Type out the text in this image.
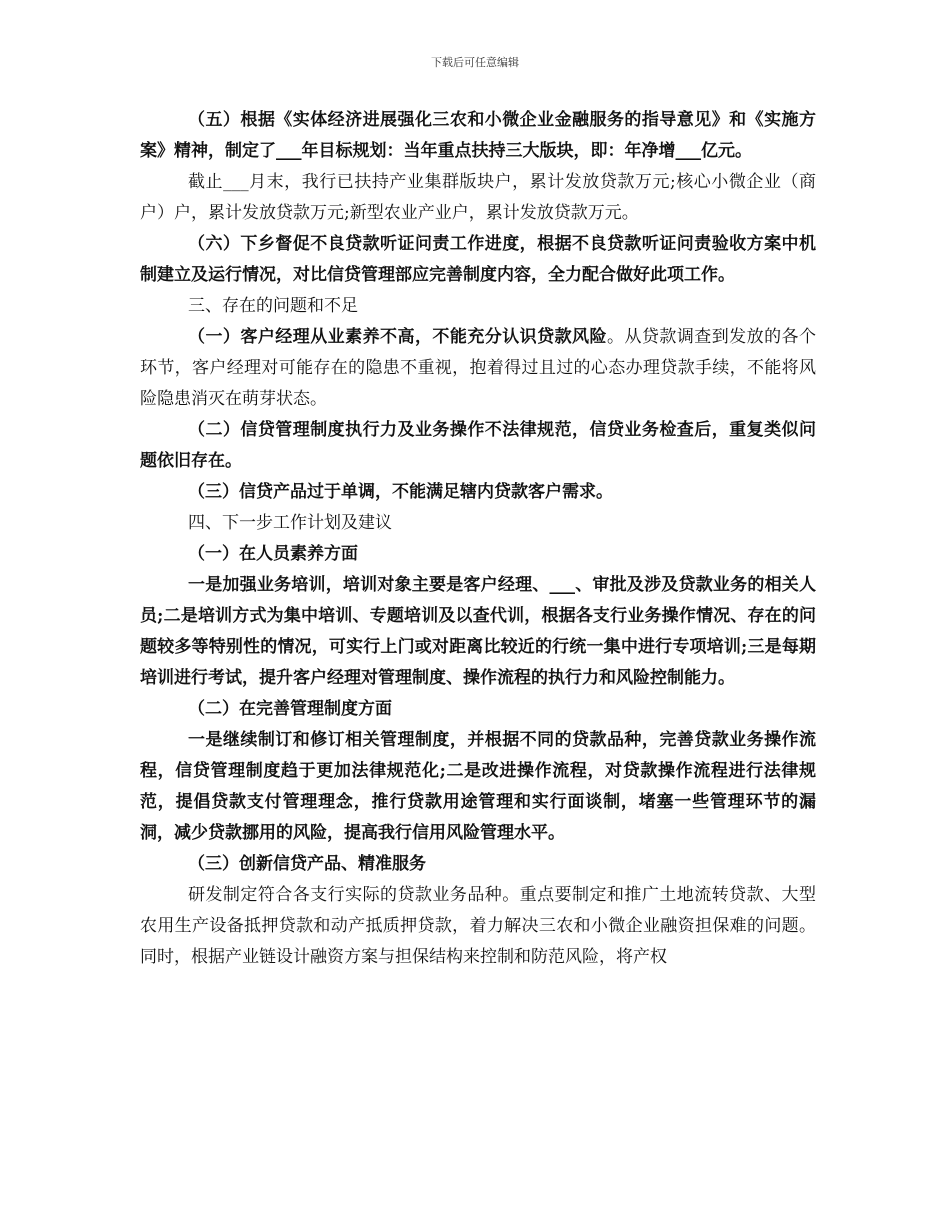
下载后可任意编辑

（五）根据《实体经济进展强化三农和小微企业金融服务的指导意见》和《实施方案》精神，制定了___年目标规划：当年重点扶持三大版块，即：年净增___亿元。

截止___月末，我行已扶持产业集群版块户，累计发放贷款万元;核心小微企业（商户）户，累计发放贷款万元;新型农业产业户，累计发放贷款万元。

（六）下乡督促不良贷款听证问责工作进度，根据不良贷款听证问责验收方案中机制建立及运行情况，对比信贷管理部应完善制度内容，全力配合做好此项工作。

三、存在的问题和不足

（一）客户经理从业素养不高，不能充分认识贷款风险。从贷款调查到发放的各个环节，客户经理对可能存在的隐患不重视，抱着得过且过的心态办理贷款手续，不能将风险隐患消灭在萌芽状态。

（二）信贷管理制度执行力及业务操作不法律规范，信贷业务检查后，重复类似问题依旧存在。

（三）信贷产品过于单调，不能满足辖内贷款客户需求。

四、下一步工作计划及建议

（一）在人员素养方面

一是加强业务培训，培训对象主要是客户经理、___、审批及涉及贷款业务的相关人员;二是培训方式为集中培训、专题培训及以查代训，根据各支行业务操作情况、存在的问题较多等特别性的情况，可实行上门或对距离比较近的行统一集中进行专项培训;三是每期培训进行考试，提升客户经理对管理制度、操作流程的执行力和风险控制能力。

（二）在完善管理制度方面

一是继续制订和修订相关管理制度，并根据不同的贷款品种，完善贷款业务操作流程，信贷管理制度趋于更加法律规范化;二是改进操作流程，对贷款操作流程进行法律规范，提倡贷款支付管理理念，推行贷款用途管理和实行面谈制，堵塞一些管理环节的漏洞，减少贷款挪用的风险，提高我行信用风险管理水平。

（三）创新信贷产品、精准服务

研发制定符合各支行实际的贷款业务品种。重点要制定和推广土地流转贷款、大型农用生产设备抵押贷款和动产抵质押贷款，着力解决三农和小微企业融资担保难的问题。同时，根据产业链设计融资方案与担保结构来控制和防范风险，将产权
